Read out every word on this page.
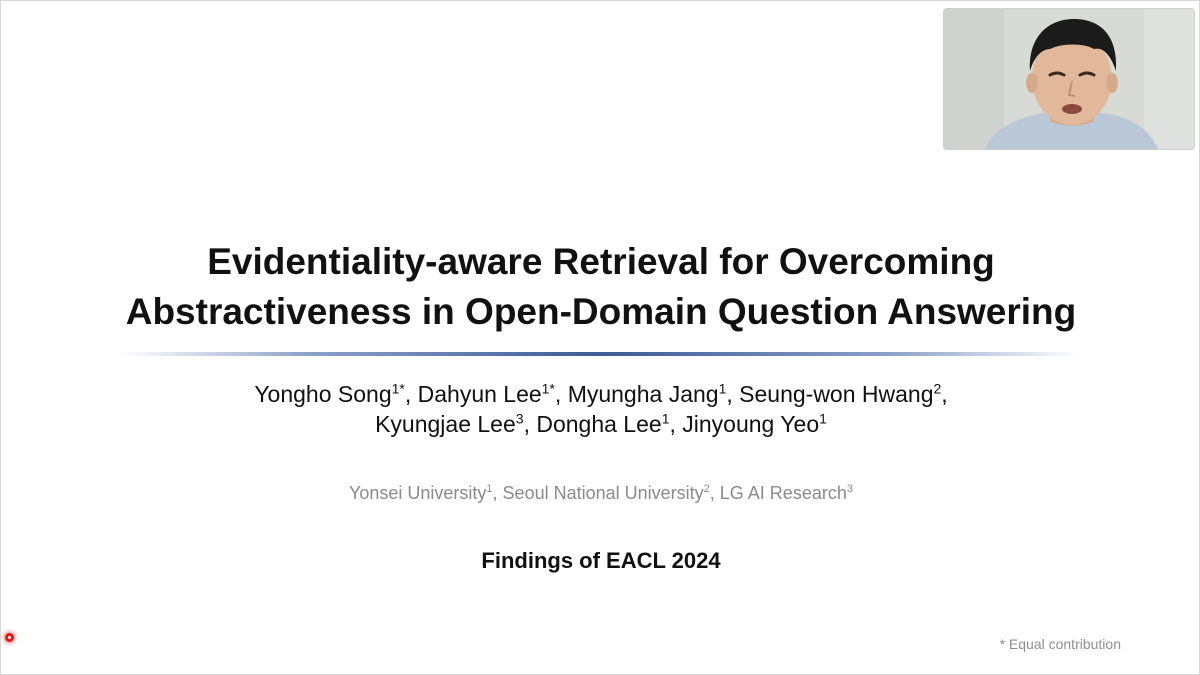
Evidentiality-aware Retrieval for Overcoming
Abstractiveness in Open-Domain Question Answering
Yongho Song$^{1*}$, Dahyun Lee$^{1*}$, Myungha Jang$^1$, Seung-won Hwang$^2$,
Kyungjae Lee$^3$, Dongha Lee$^1$, Jinyoung Yeo$^1$
Yonsei University$^1$, Seoul National University$^2$, LG AI Research$^3$
Findings of EACL 2024
* Equal contribution
